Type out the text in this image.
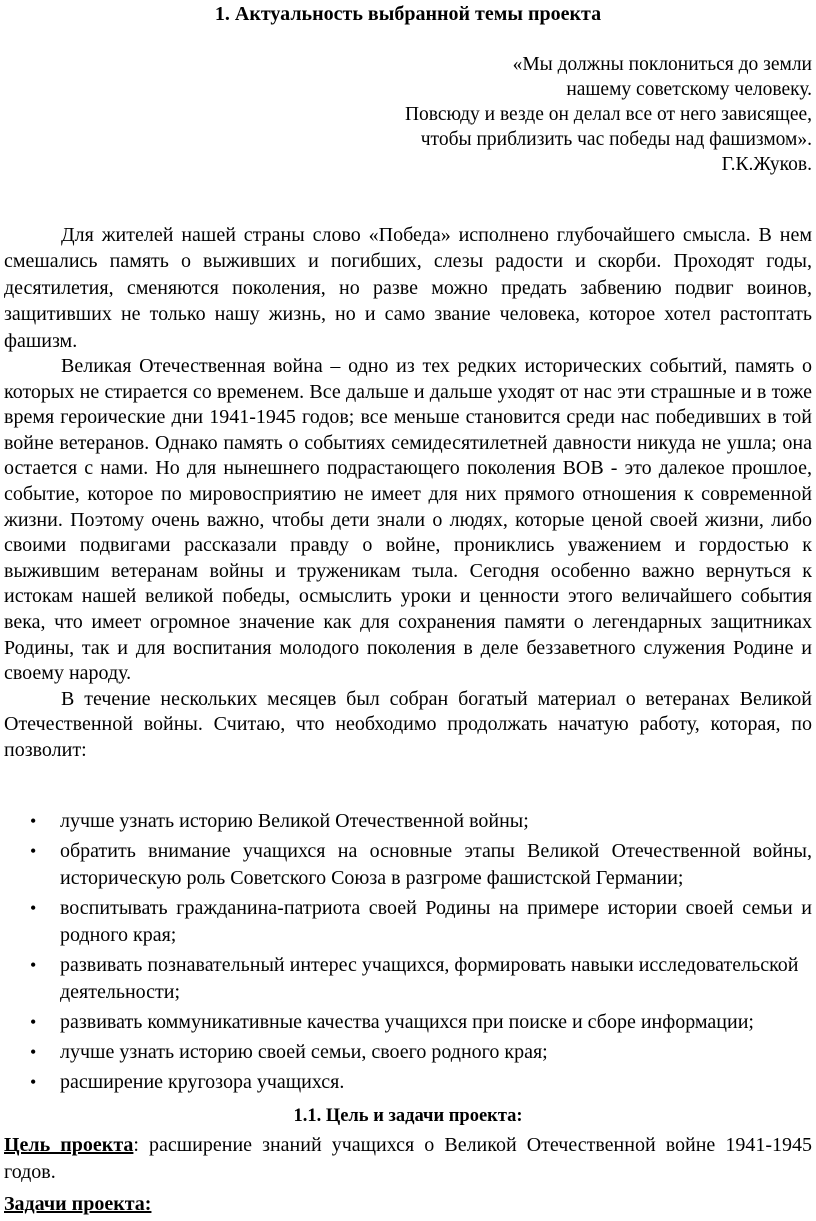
1. Актуальность выбранной темы проекта
«Мы должны поклониться до земли
нашему советскому человеку.
Повсюду и везде он делал все от него зависящее,
чтобы приблизить час победы над фашизмом».
Г.К.Жуков.

Для жителей нашей страны слово «Победа» исполнено глубочайшего смысла. В нем смешались память о выживших и погибших, слезы радости и скорби. Проходят годы, десятилетия, сменяются поколения, но разве можно предать забвению подвиг воинов, защитивших не только нашу жизнь, но и само звание человека, которое хотел растоптать фашизм.

Великая Отечественная война – одно из тех редких исторических событий, память о которых не стирается со временем. Все дальше и дальше уходят от нас эти страшные и в тоже время героические дни 1941-1945 годов; все меньше становится среди нас победивших в той войне ветеранов. Однако память о событиях семидесятилетней давности никуда не ушла; она остается с нами. Но для нынешнего подрастающего поколения ВОВ - это далекое прошлое, событие, которое по мировосприятию не имеет для них прямого отношения к современной жизни. Поэтому очень важно, чтобы дети знали о людях, которые ценой своей жизни, либо своими подвигами рассказали правду о войне, прониклись уважением и гордостью к выжившим ветеранам войны и труженикам тыла. Сегодня особенно важно вернуться к истокам нашей великой победы, осмыслить уроки и ценности этого величайшего события века, что имеет огромное значение как для сохранения памяти о легендарных защитниках Родины, так и для воспитания молодого поколения в деле беззаветного служения Родине и своему народу.

В течение нескольких месяцев был собран богатый материал о ветеранах Великой Отечественной войны. Считаю, что необходимо продолжать начатую работу, которая, по позволит:

• лучше узнать историю Великой Отечественной войны;
• обратить внимание учащихся на основные этапы Великой Отечественной войны, историческую роль Советского Союза в разгроме фашистской Германии;
• воспитывать гражданина-патриота своей Родины на примере истории своей семьи и родного края;
• развивать познавательный интерес учащихся, формировать навыки исследовательской деятельности;
• развивать коммуникативные качества учащихся при поиске и сборе информации;
• лучше узнать историю своей семьи, своего родного края;
• расширение кругозора учащихся.
1.1. Цель и задачи проекта:

Цель проекта: расширение знаний учащихся о Великой Отечественной войне 1941-1945 годов.

Задачи проекта:
